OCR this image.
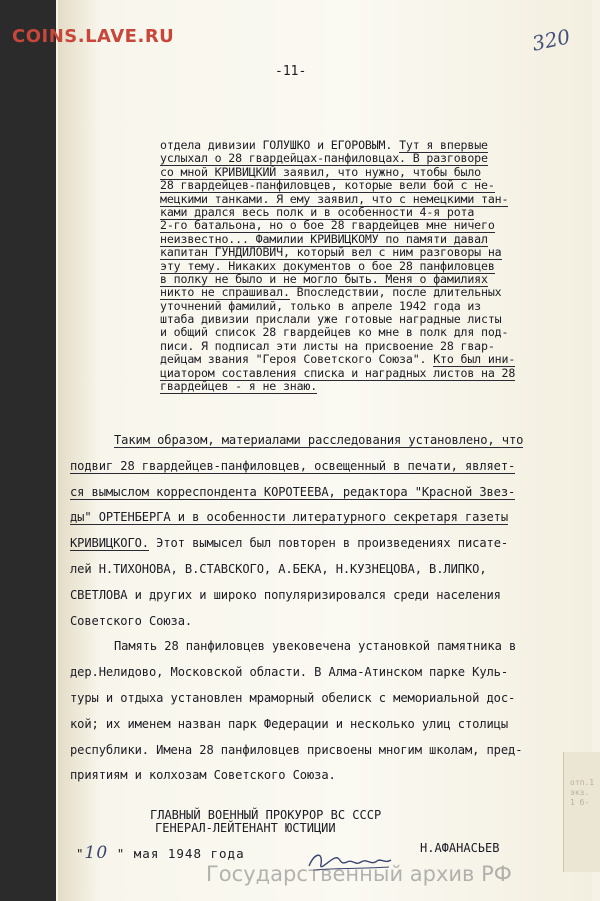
отп.1 экз. 1 б-
COINS.LAVE.RU	320
-11-
отдела дивизии ГОЛУШКО и ЕГОРОВЫМ. Тут я впервые
услыхал о 28 гвардейцах-панфиловцах. В разговоре
со мной КРИВИЦКИЙ заявил, что нужно, чтобы было
28 гвардейцев-панфиловцев, которые вели бой с не-
мецкими танками. Я ему заявил, что с немецкими тан-
ками дрался весь полк и в особенности 4-я рота
2-го батальона, но о бое 28 гвардейцев мне ничего
неизвестно... Фамилии КРИВИЦКОМУ по памяти давал
капитан ГУНДИЛОВИЧ, который вел с ним разговоры на
эту тему. Никаких документов о бое 28 панфиловцев
в полку не было и не могло быть. Меня о фамилиях
никто не спрашивал. Впоследствии, после длительных
уточнений фамилий, только в апреле 1942 года из
штаба дивизии прислали уже готовые наградные листы
и общий список 28 гвардейцев ко мне в полк для под-
писи. Я подписал эти листы на присвоение 28 гвар-
дейцам звания "Героя Советского Союза". Кто был ини-
циатором составления списка и наградных листов на 28
гвардейцев - я не знаю.
Таким образом, материалами расследования установлено, что
подвиг 28 гвардейцев-панфиловцев, освещенный в печати, являет-
ся вымыслом корреспондента КОРОТЕЕВА, редактора "Красной Звез-
ды" ОРТЕНБЕРГА и в особенности литературного секретаря газеты
КРИВИЦКОГО. Этот вымысел был повторен в произведениях писате-
лей Н.ТИХОНОВА, В.СТАВСКОГО, А.БЕКА, Н.КУЗНЕЦОВА, В.ЛИПКО,
СВЕТЛОВА и других и широко популяризировался среди населения
Советского Союза.
Память 28 панфиловцев увековечена установкой памятника в
дер.Нелидово, Московской области. В Алма-Атинском парке Куль-
туры и отдыха установлен мраморный обелиск с мемориальной дос-
кой; их именем назван парк Федерации и несколько улиц столицы
республики. Имена 28 панфиловцев присвоены многим школам, пред-
приятиям и колхозам Советского Союза.
ГЛАВНЫЙ ВОЕННЫЙ ПРОКУРОР ВС СССР
ГЕНЕРАЛ-ЛЕЙТЕНАНТ ЮСТИЦИИ
Н.АФАНАСЬЕВ
"10 " мая 1948 года
Государственный архив РФ
